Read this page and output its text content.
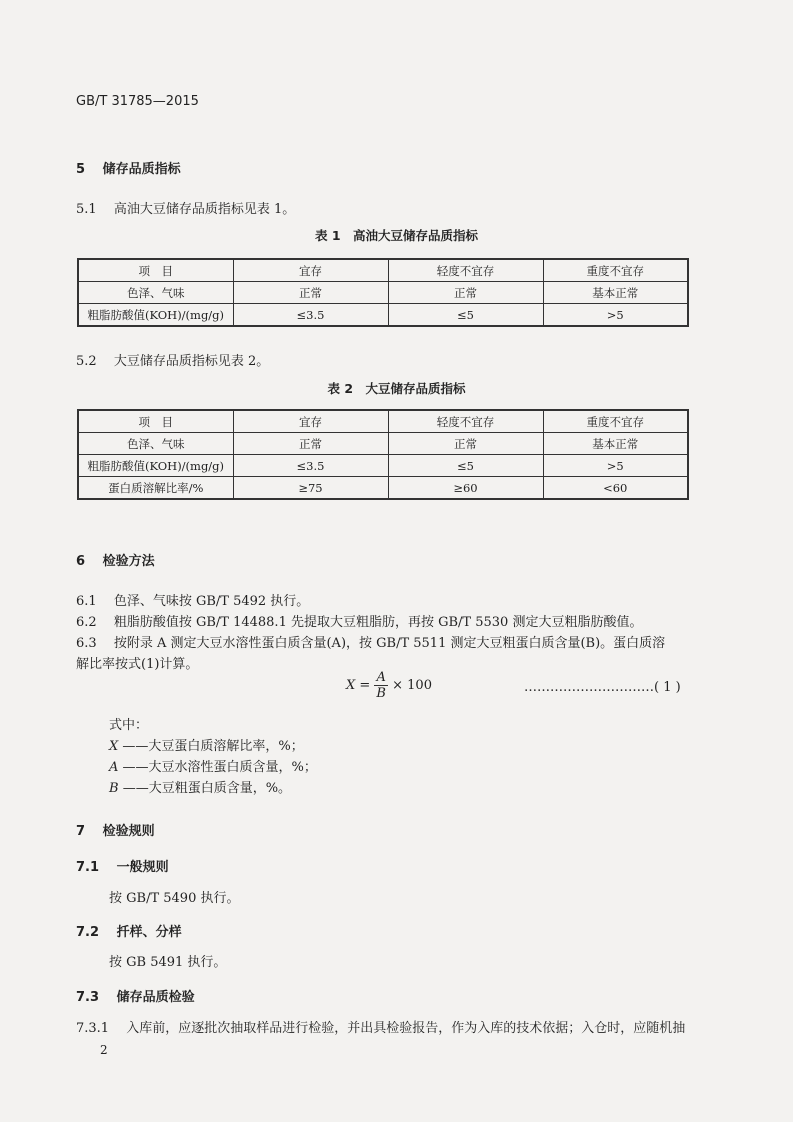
GB/T 31785—2015
5　 储存品质指标
5.1　 高油大豆储存品质指标见表 1。
表 1　高油大豆储存品质指标
项　目	宜存	轻度不宜存	重度不宜存
色泽、气味	正常	正常	基本正常
粗脂肪酸值(KOH)/(mg/g)	≤3.5	≤5	>5
5.2　 大豆储存品质指标见表 2。
表 2　大豆储存品质指标
项　目	宜存	轻度不宜存	重度不宜存
色泽、气味	正常	正常	基本正常
粗脂肪酸值(KOH)/(mg/g)	≤3.5	≤5	>5
蛋白质溶解比率/%	≥75	≥60	<60
6　 检验方法
6.1　 色泽、气味按 GB/T 5492 执行。
6.2　 粗脂肪酸值按 GB/T 14488.1 先提取大豆粗脂肪，再按 GB/T 5530 测定大豆粗脂肪酸值。
6.3　 按附录 A 测定大豆水溶性蛋白质含量(A)，按 GB/T 5511 测定大豆粗蛋白质含量(B)。蛋白质溶
解比率按式(1)计算。
$X = \frac{A}{B} \times 100$	…………………………( 1 )
式中：
X ——大豆蛋白质溶解比率，%；
A ——大豆水溶性蛋白质含量，%；
B ——大豆粗蛋白质含量，%。
7　 检验规则
7.1　 一般规则
按 GB/T 5490 执行。
7.2　 扦样、分样
按 GB 5491 执行。
7.3　 储存品质检验
7.3.1　 入库前，应逐批次抽取样品进行检验，并出具检验报告，作为入库的技术依据；入仓时，应随机抽
2
